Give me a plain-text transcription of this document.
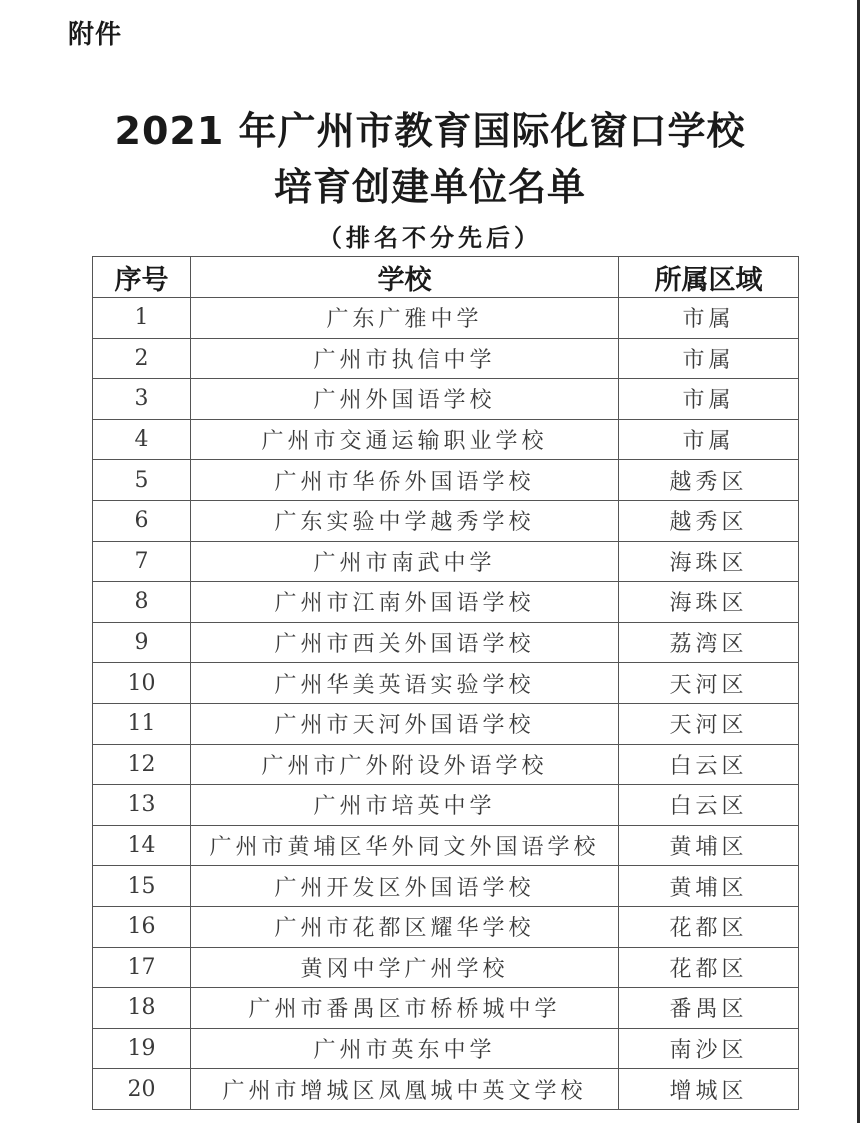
附件
2021 年广州市教育国际化窗口学校
培育创建单位名单
（排名不分先后）
序号	学校	所属区域
1	广东广雅中学	市属
2	广州市执信中学	市属
3	广州外国语学校	市属
4	广州市交通运输职业学校	市属
5	广州市华侨外国语学校	越秀区
6	广东实验中学越秀学校	越秀区
7	广州市南武中学	海珠区
8	广州市江南外国语学校	海珠区
9	广州市西关外国语学校	荔湾区
10	广州华美英语实验学校	天河区
11	广州市天河外国语学校	天河区
12	广州市广外附设外语学校	白云区
13	广州市培英中学	白云区
14	广州市黄埔区华外同文外国语学校	黄埔区
15	广州开发区外国语学校	黄埔区
16	广州市花都区耀华学校	花都区
17	黄冈中学广州学校	花都区
18	广州市番禺区市桥桥城中学	番禺区
19	广州市英东中学	南沙区
20	广州市增城区凤凰城中英文学校	增城区
